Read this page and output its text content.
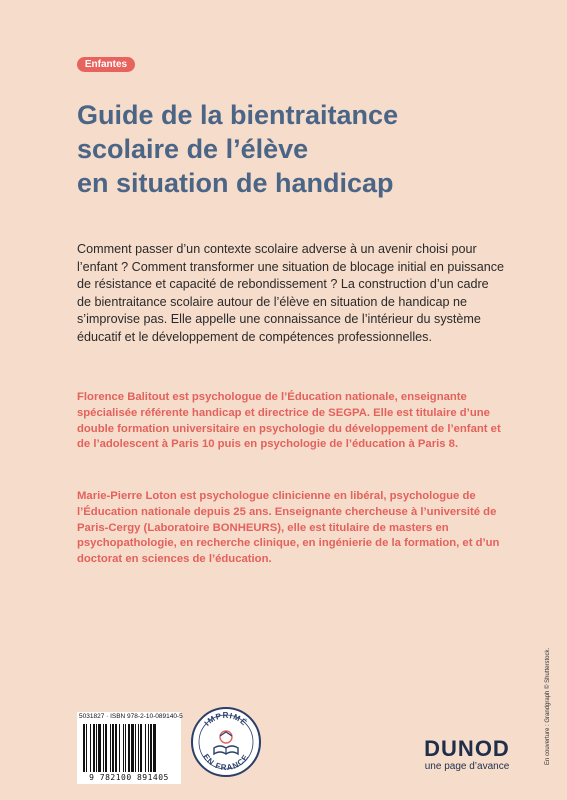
Enfantes
Guide de la bientraitance
scolaire de l’élève
en situation de handicap

Comment passer d’un contexte scolaire adverse à un avenir choisi pour l’enfant ? Comment transformer une situation de blocage initial en puissance de résistance et capacité de rebondissement ? La construction d’un cadre de bientraitance scolaire autour de l’élève en situation de handicap ne s’improvise pas. Elle appelle une connaissance de l’intérieur du système éducatif et le développement de compétences professionnelles.

Florence Balitout est psychologue de l’Éducation nationale, enseignante spécialisée référente handicap et directrice de SEGPA. Elle est titulaire d’une double formation universitaire en psychologie du développement de l’enfant et de l’adolescent à Paris 10 puis en psychologie de l’éducation à Paris 8.

Marie-Pierre Loton est psychologue clinicienne en libéral, psychologue de l’Éducation nationale depuis 25 ans. Enseignante chercheuse à l’université de Paris-Cergy (Laboratoire BONHEURS), elle est titulaire de masters en psychopathologie, en recherche clinique, en ingénierie de la formation, et d’un doctorat en sciences de l’éducation.

5031827 · ISBN 978-2-10-089140-5
9 782100 891405
IMPRIMÉ
EN FRANCE	DUNOD
une page d’avance
En couverture : Grandgraph © Shutterstock.
